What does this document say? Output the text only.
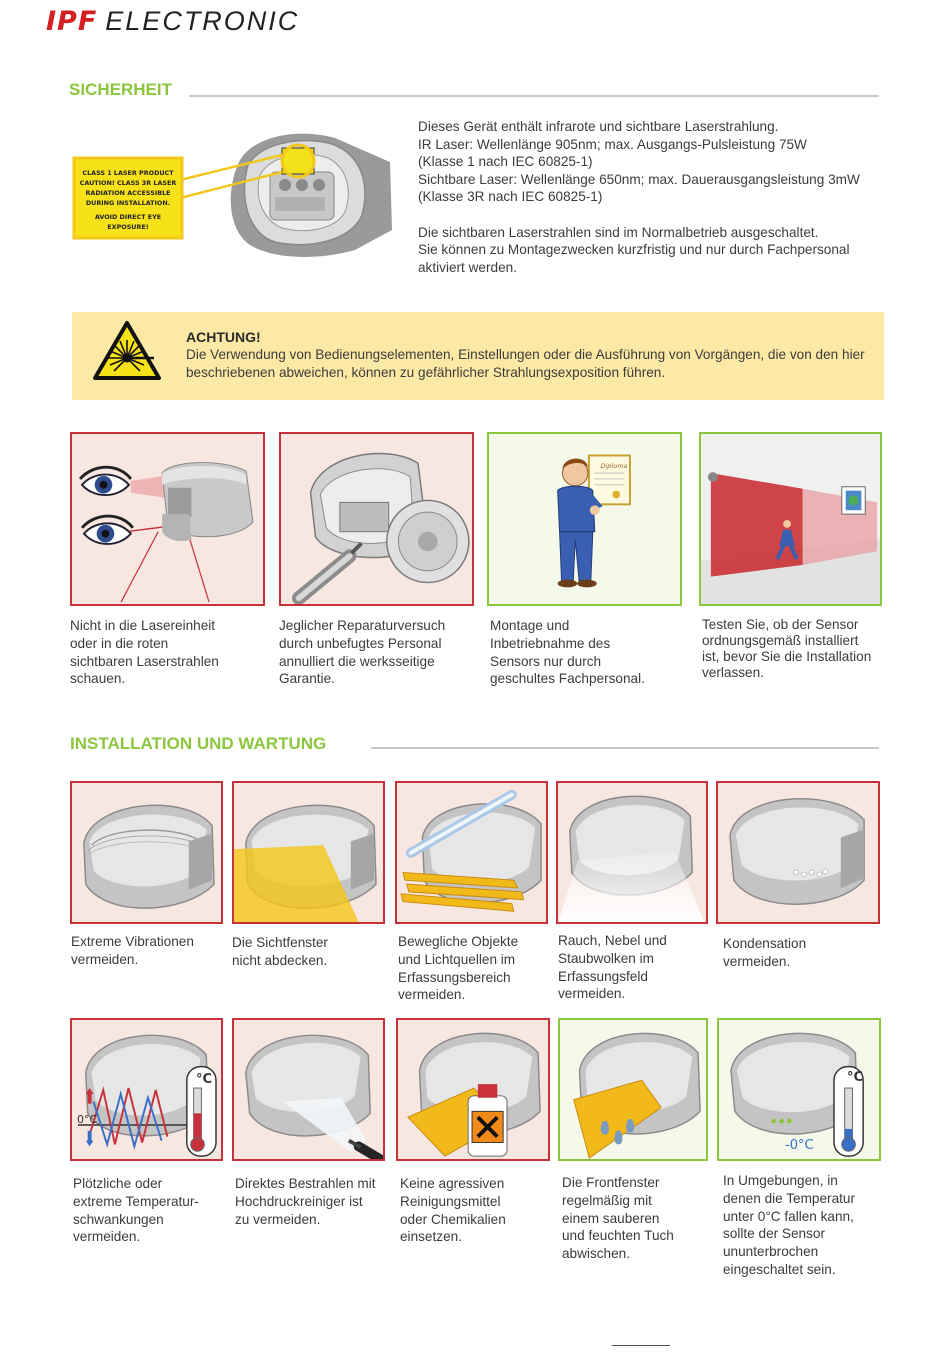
IPF ELECTRONIC
SICHERHEIT
CLASS 1 LASER PRODUCT
CAUTION! CLASS 3R LASER
RADIATION ACCESSIBLE
DURING INSTALLATION.
AVOID DIRECT EYE EXPOSURE!

Dieses Gerät enthält infrarote und sichtbare Laserstrahlung.

IR Laser: Wellenlänge 905nm; max. Ausgangs-Pulsleistung 75W

(Klasse 1 nach IEC 60825-1)

Sichtbare Laser: Wellenlänge 650nm; max. Dauerausgangsleistung 3mW

(Klasse 3R nach IEC 60825-1)

Die sichtbaren Laserstrahlen sind im Normalbetrieb ausgeschaltet.

Sie können zu Montagezwecken kurzfristig und nur durch Fachpersonal

aktiviert werden.

ACHTUNG!
Die Verwendung von Bedienungselementen, Einstellungen oder die Ausführung von Vorgängen, die von den hier beschriebenen abweichen, können zu gefährlicher Strahlungsexposition führen.
Diploma
Nicht in die Lasereinheit
oder in die roten
sichtbaren Laserstrahlen
schauen.
Jeglicher Reparaturversuch
durch unbefugtes Personal
annulliert die werksseitige
Garantie.
Montage und
Inbetriebnahme des
Sensors nur durch
geschultes Fachpersonal.
Testen Sie, ob der Sensor
ordnungsgemäß installiert
ist, bevor Sie die Installation
verlassen.
INSTALLATION UND WARTUNG
Extreme Vibrationen
vermeiden.
Die Sichtfenster
nicht abdecken.
Bewegliche Objekte
und Lichtquellen im
Erfassungsbereich
vermeiden.
Rauch, Nebel und
Staubwolken im
Erfassungsfeld
vermeiden.
Kondensation
vermeiden.
0°C
°C	°C
-0°C
Plötzliche oder
extreme Temperatur-
schwankungen
vermeiden.
Direktes Bestrahlen mit
Hochdruckreiniger ist
zu vermeiden.
Keine agressiven
Reinigungsmittel
oder Chemikalien
einsetzen.
Die Frontfenster
regelmäßig mit
einem sauberen
und feuchten Tuch
abwischen.
In Umgebungen, in
denen die Temperatur
unter 0°C fallen kann,
sollte der Sensor
ununterbrochen
eingeschaltet sein.
